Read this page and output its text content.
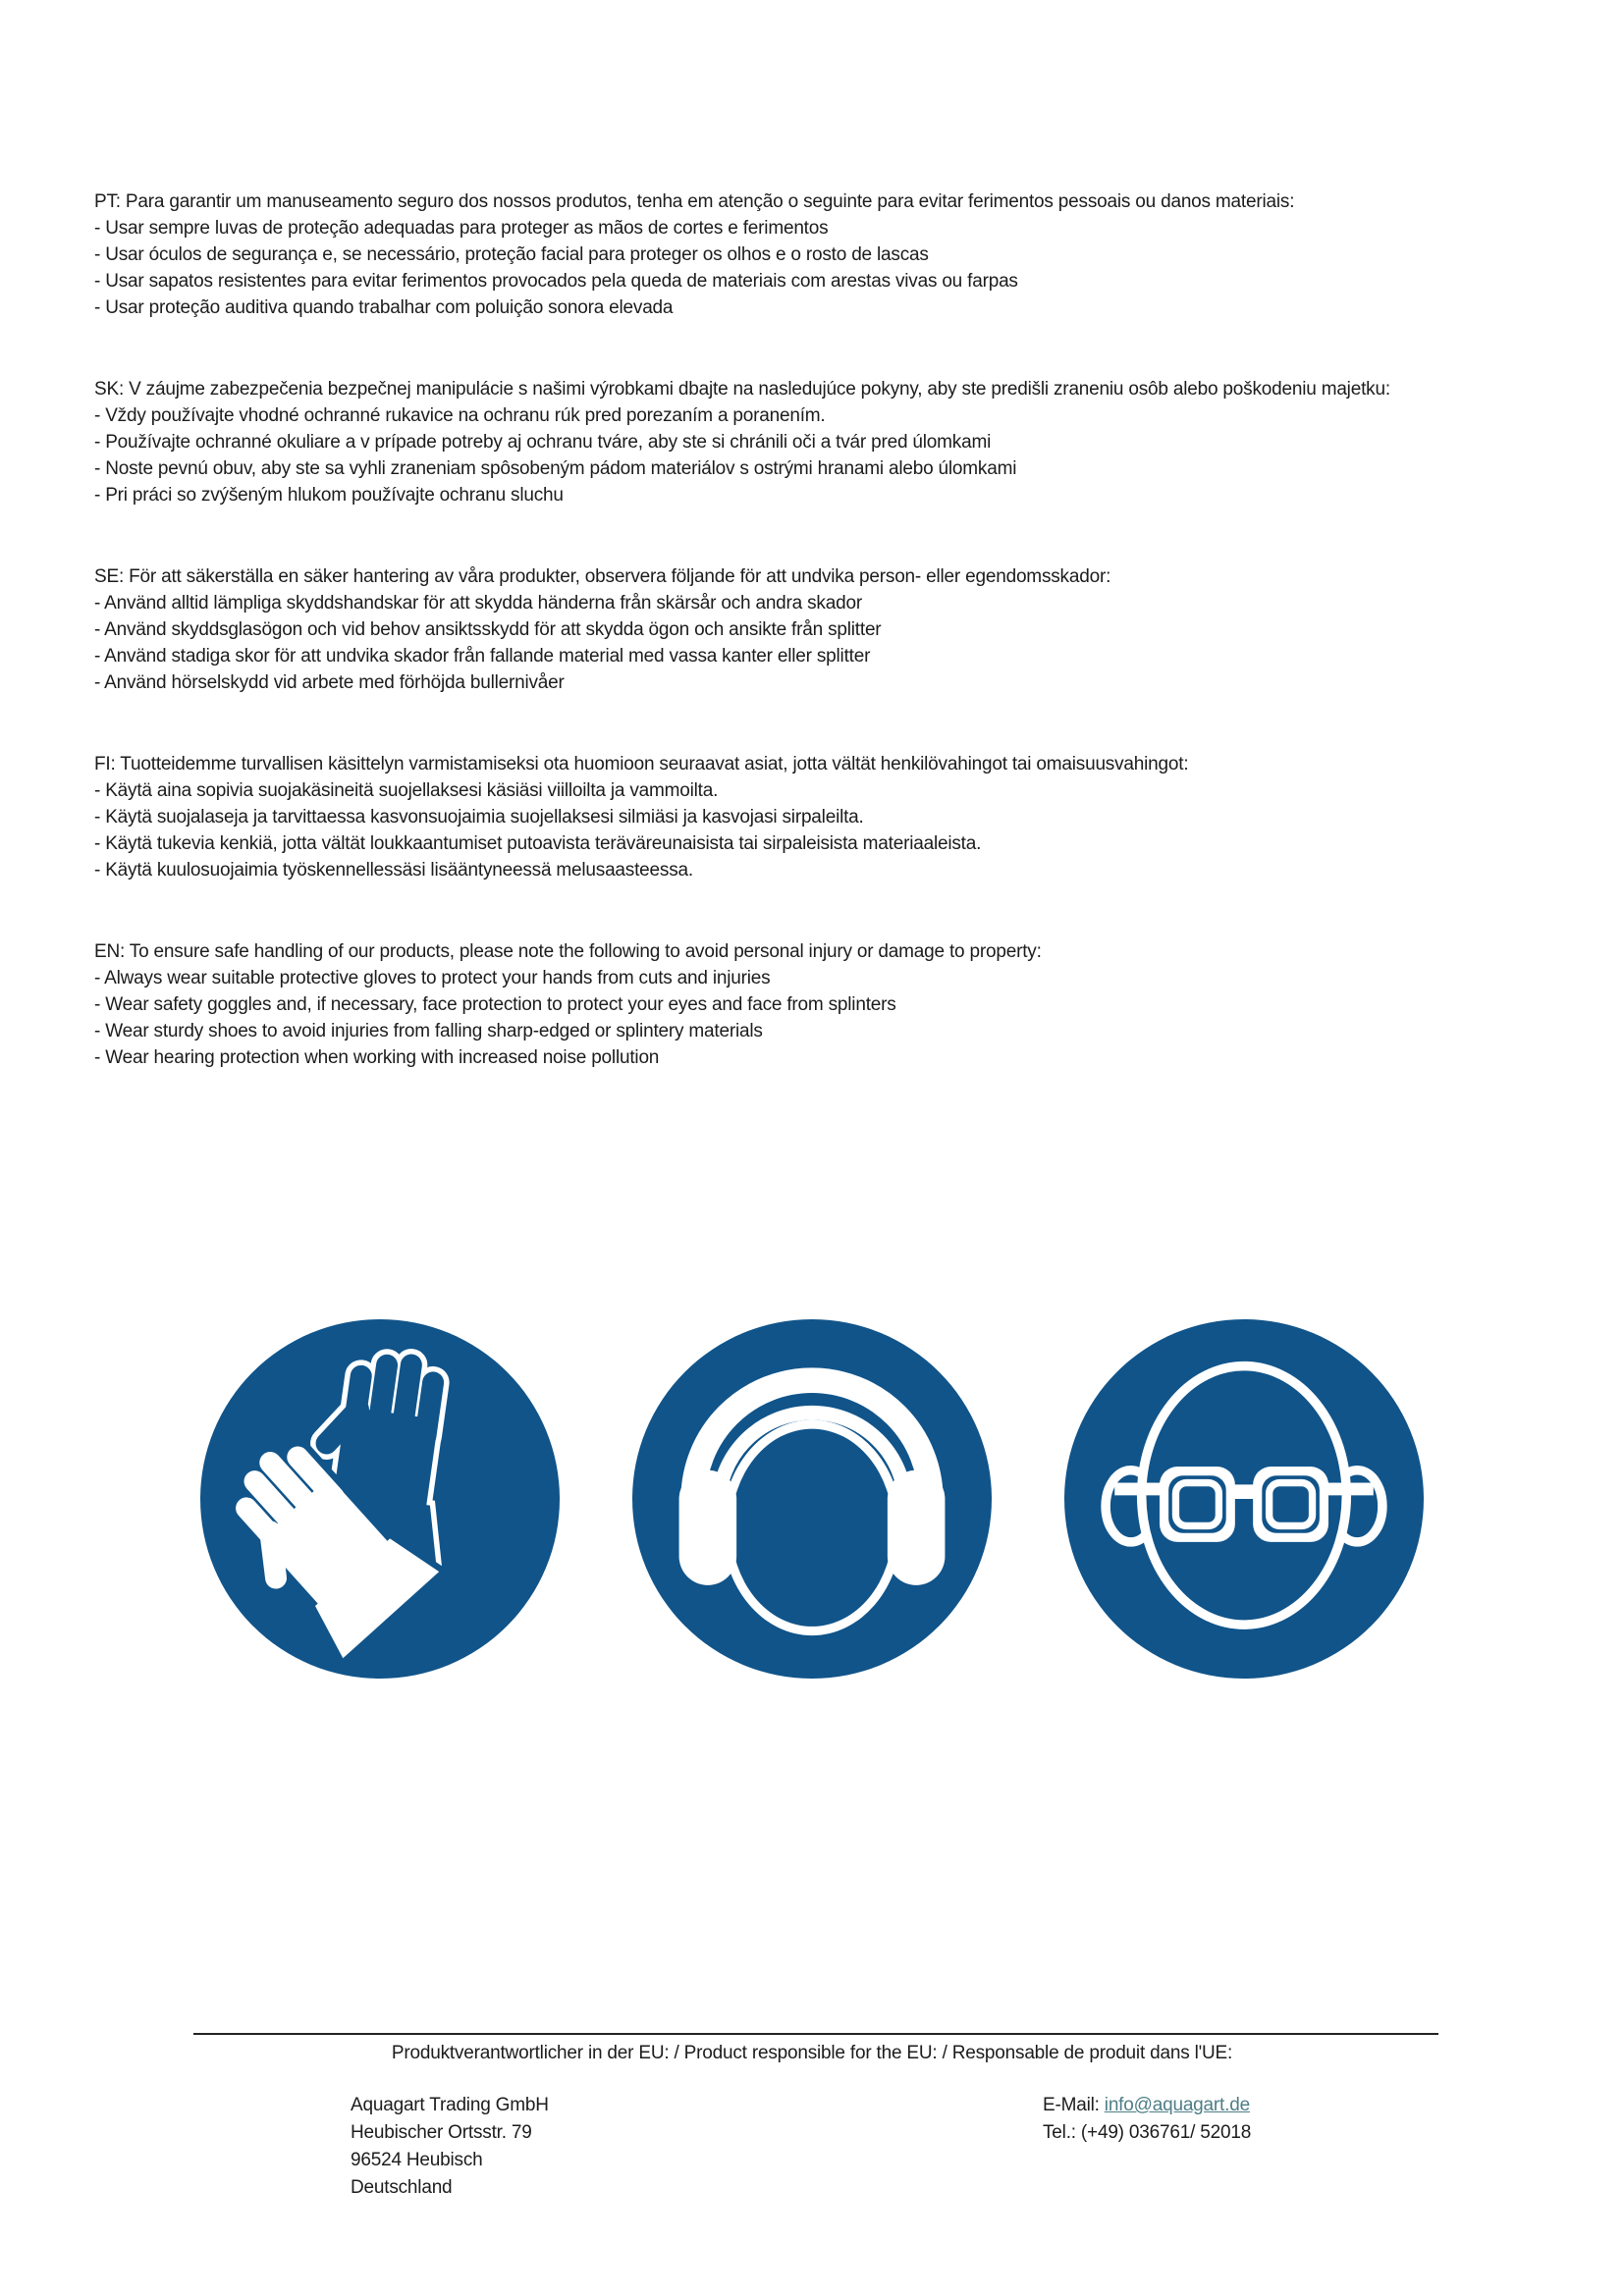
PT: Para garantir um manuseamento seguro dos nossos produtos, tenha em atenção o seguinte para evitar ferimentos pessoais ou danos materiais:

- Usar sempre luvas de proteção adequadas para proteger as mãos de cortes e ferimentos

- Usar óculos de segurança e, se necessário, proteção facial para proteger os olhos e o rosto de lascas

- Usar sapatos resistentes para evitar ferimentos provocados pela queda de materiais com arestas vivas ou farpas

- Usar proteção auditiva quando trabalhar com poluição sonora elevada

SK: V záujme zabezpečenia bezpečnej manipulácie s našimi výrobkami dbajte na nasledujúce pokyny, aby ste predišli zraneniu osôb alebo poškodeniu majetku:

- Vždy používajte vhodné ochranné rukavice na ochranu rúk pred porezaním a poranením.

- Používajte ochranné okuliare a v prípade potreby aj ochranu tváre, aby ste si chránili oči a tvár pred úlomkami

- Noste pevnú obuv, aby ste sa vyhli zraneniam spôsobeným pádom materiálov s ostrými hranami alebo úlomkami

- Pri práci so zvýšeným hlukom používajte ochranu sluchu

SE: För att säkerställa en säker hantering av våra produkter, observera följande för att undvika person- eller egendomsskador:

- Använd alltid lämpliga skyddshandskar för att skydda händerna från skärsår och andra skador

- Använd skyddsglasögon och vid behov ansiktsskydd för att skydda ögon och ansikte från splitter

- Använd stadiga skor för att undvika skador från fallande material med vassa kanter eller splitter

- Använd hörselskydd vid arbete med förhöjda bullernivåer

FI: Tuotteidemme turvallisen käsittelyn varmistamiseksi ota huomioon seuraavat asiat, jotta vältät henkilövahingot tai omaisuusvahingot:

- Käytä aina sopivia suojakäsineitä suojellaksesi käsiäsi viilloilta ja vammoilta.

- Käytä suojalaseja ja tarvittaessa kasvonsuojaimia suojellaksesi silmiäsi ja kasvojasi sirpaleilta.

- Käytä tukevia kenkiä, jotta vältät loukkaantumiset putoavista teräväreunaisista tai sirpaleisista materiaaleista.

- Käytä kuulosuojaimia työskennellessäsi lisääntyneessä melusaasteessa.

EN: To ensure safe handling of our products, please note the following to avoid personal injury or damage to property:

- Always wear suitable protective gloves to protect your hands from cuts and injuries

- Wear safety goggles and, if necessary, face protection to protect your eyes and face from splinters

- Wear sturdy shoes to avoid injuries from falling sharp-edged or splintery materials

- Wear hearing protection when working with increased noise pollution

Produktverantwortlicher in der EU: / Product responsible for the EU: / Responsable de produit dans l'UE:

Aquagart Trading GmbH

Heubischer Ortsstr. 79

96524 Heubisch

Deutschland

E-Mail: info@aquagart.de

Tel.: (+49) 036761/ 52018
